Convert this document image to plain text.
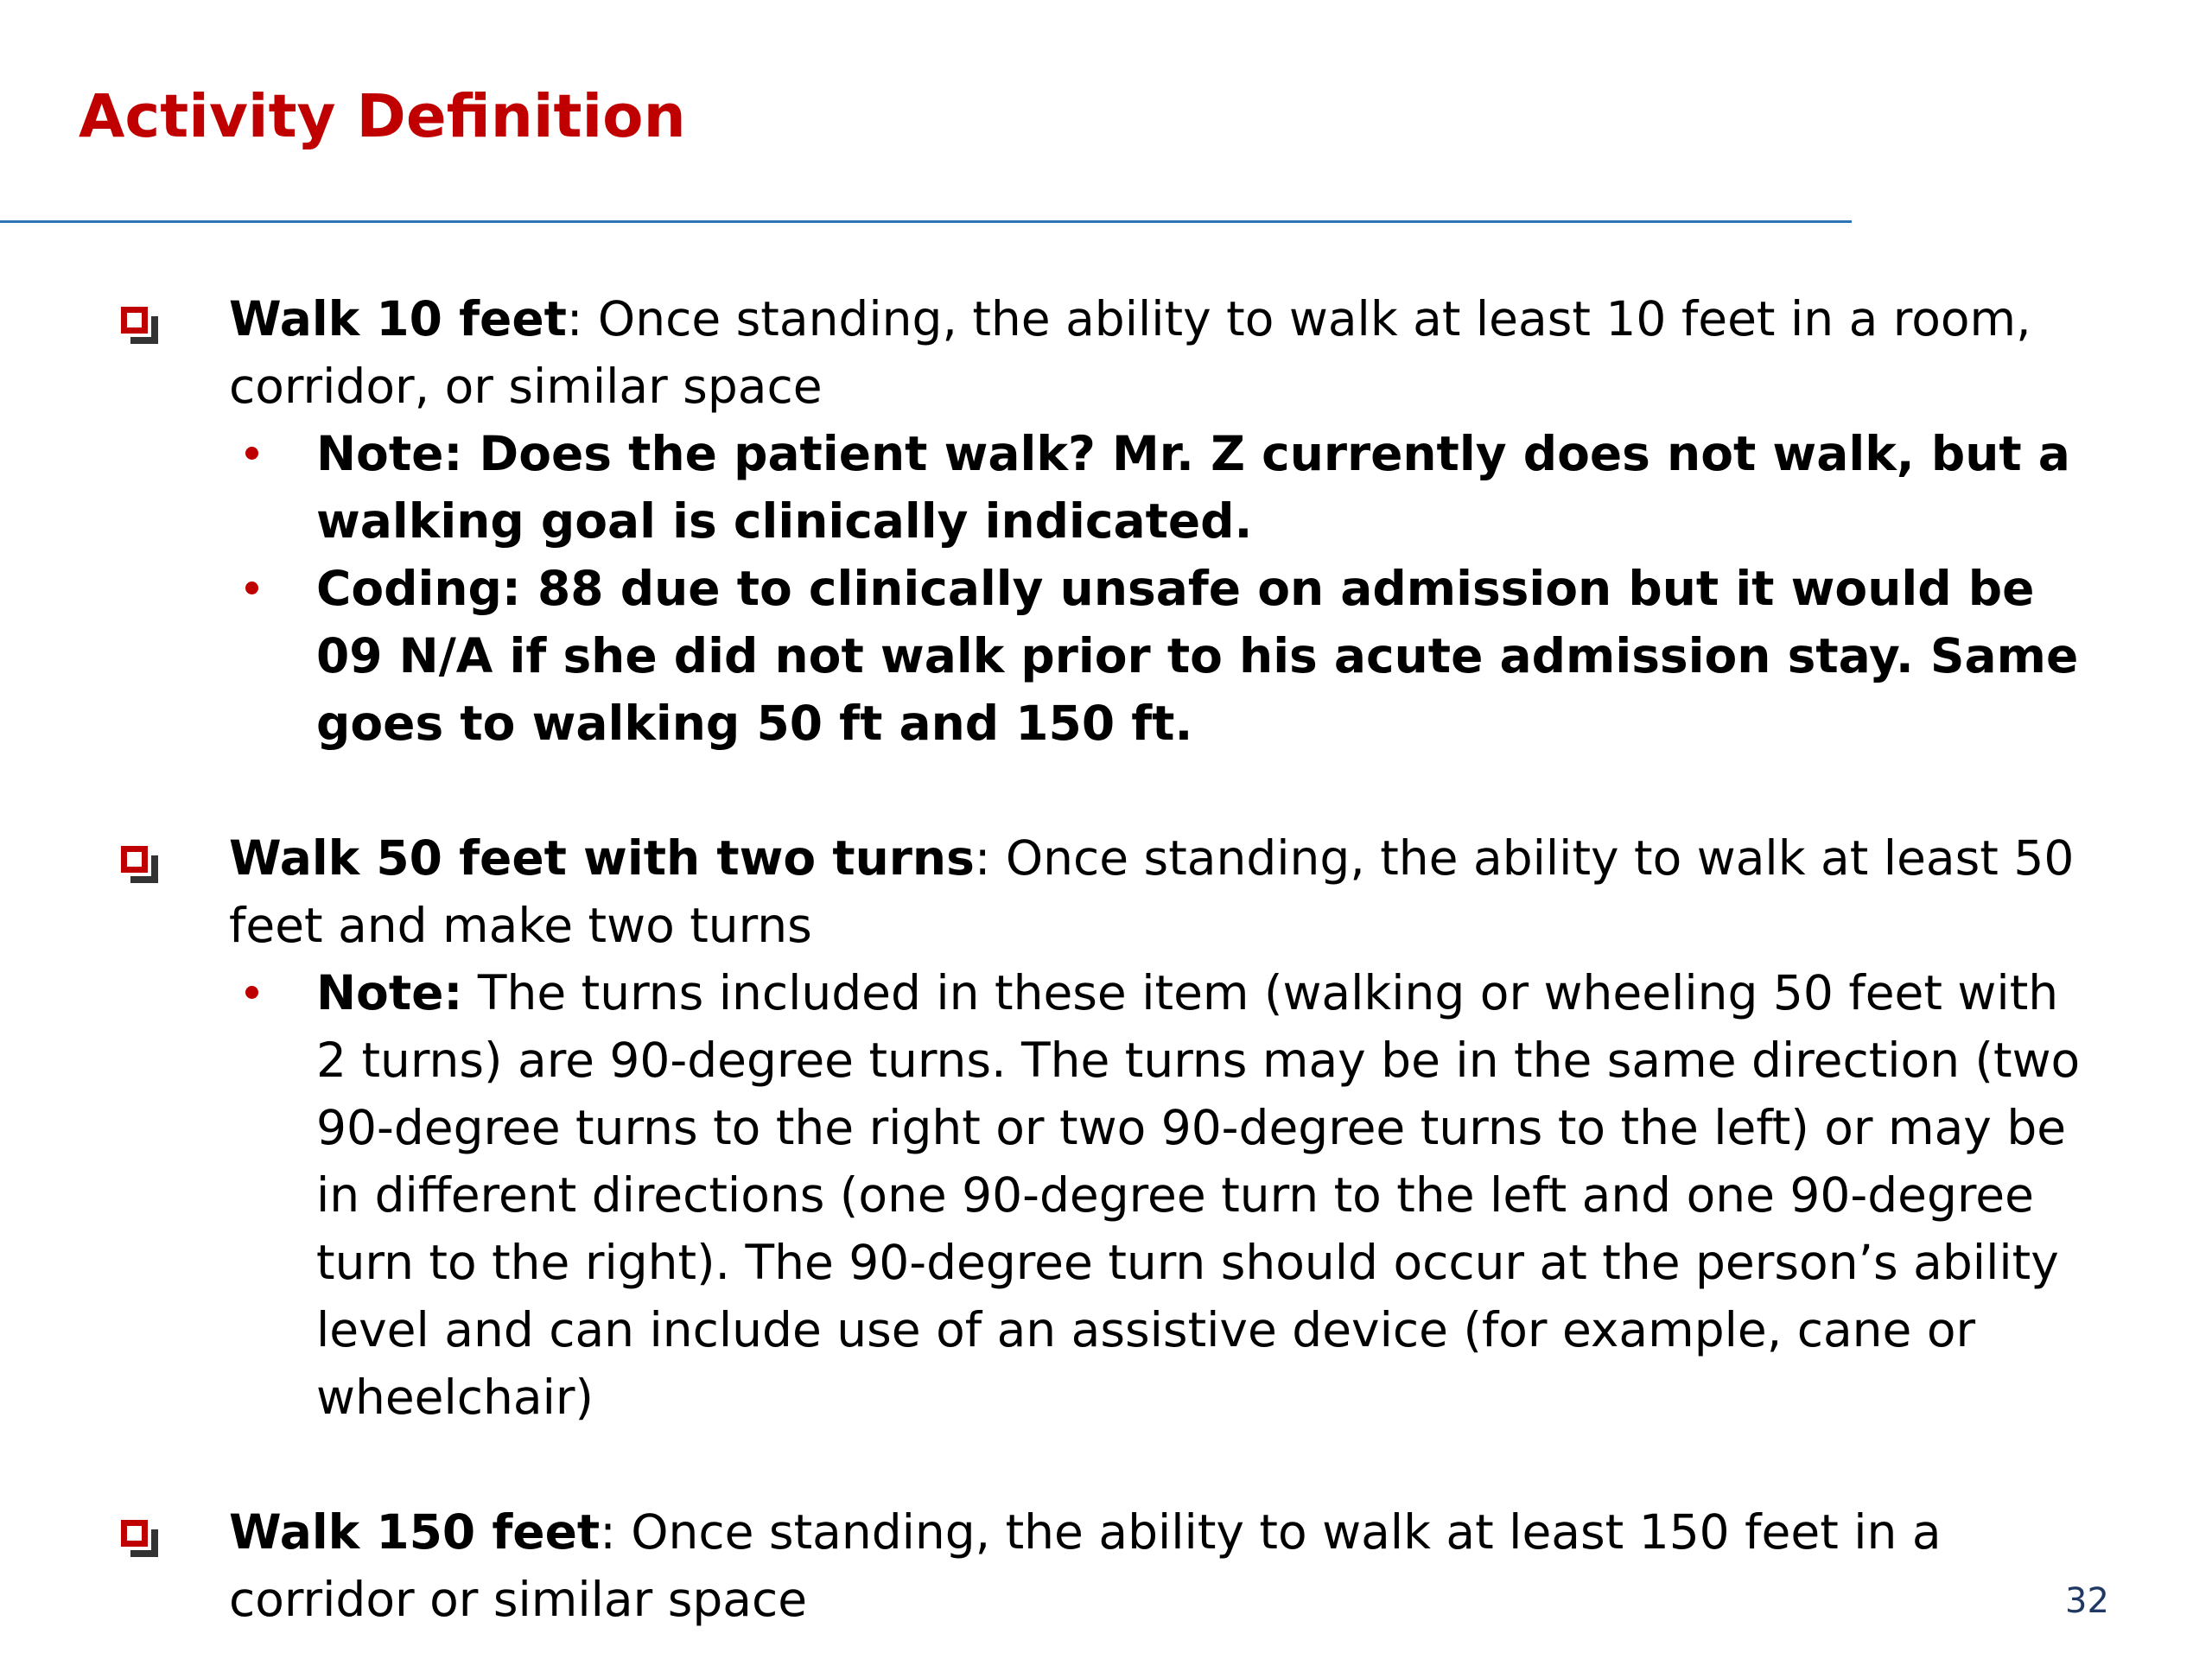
Activity Definition
Walk 10 feet: Once standing, the ability to walk at least 10 feet in a room, corridor, or similar space
Note: Does the patient walk? Mr. Z currently does not walk, but a walking goal is clinically indicated.
Coding: 88 due to clinically unsafe on admission but it would be 09 N/A if she did not walk prior to his acute admission stay. Same goes to walking 50 ft and 150 ft.
Walk 50 feet with two turns: Once standing, the ability to walk at least 50 feet and make two turns
Note: The turns included in these item (walking or wheeling 50 feet with 2 turns) are 90-degree turns. The turns may be in the same direction (two 90-degree turns to the right or two 90-degree turns to the left) or may be in different directions (one 90-degree turn to the left and one 90-degree turn to the right). The 90-degree turn should occur at the person’s ability level and can include use of an assistive device (for example, cane or wheelchair)
Walk 150 feet: Once standing, the ability to walk at least 150 feet in a corridor or similar space	32
